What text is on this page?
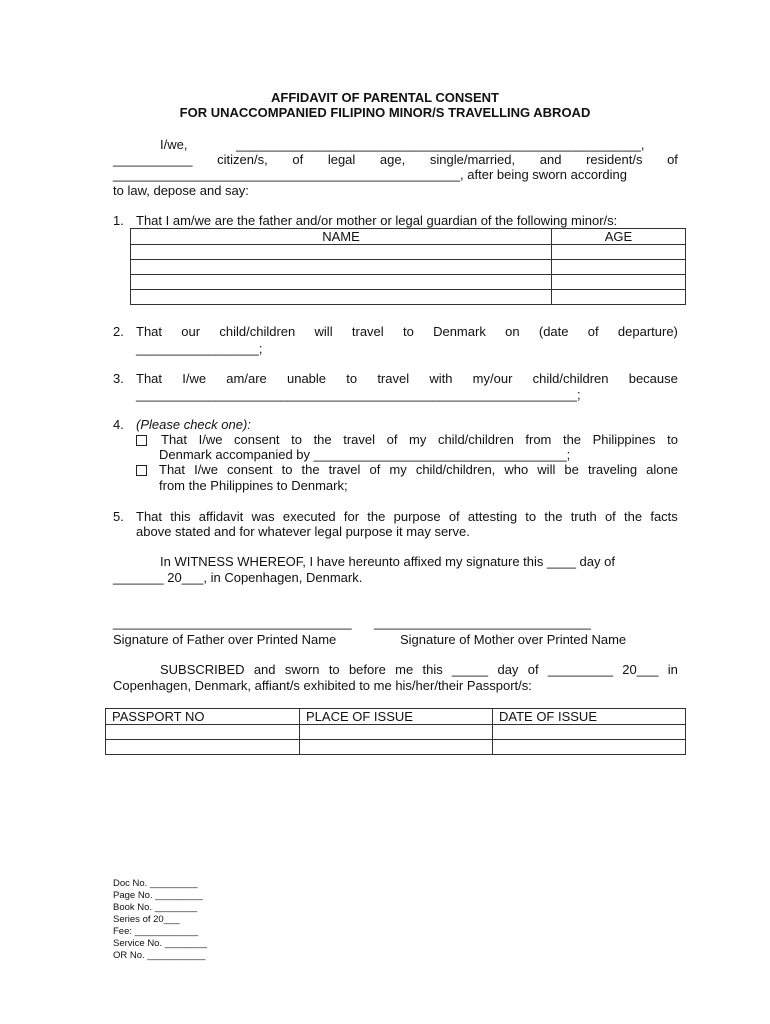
AFFIDAVIT OF PARENTAL CONSENT
FOR UNACCOMPANIED FILIPINO MINOR/S TRAVELLING ABROAD
I/we,	________________________________________________________,
___________ citizen/s, of legal age, single/married, and resident/s of
________________________________________________, after being sworn according
to law, depose and say:
1. That I am/we are the father and/or mother or legal guardian of the following minor/s:
NAME	AGE

2. That our child/children will travel to Denmark on (date of departure)
_________________;
3. That I/we am/are unable to travel with my/our child/children because
_____________________________________________________________;
4. (Please check one):
That I/we consent to the travel of my child/children from the Philippines to
Denmark accompanied by ___________________________________;
That I/we consent to the travel of my child/children, who will be traveling alone
from the Philippines to Denmark;
5. That this affidavit was executed for the purpose of attesting to the truth of the facts
above stated and for whatever legal purpose it may serve.
In WITNESS WHEREOF, I have hereunto affixed my signature this ____ day of
_______ 20___, in Copenhagen, Denmark.
_________________________________ ______________________________
Signature of Father over Printed Name	Signature of Mother over Printed Name
SUBSCRIBED and sworn to before me this _____ day of _________ 20___ in
Copenhagen, Denmark, affiant/s exhibited to me his/her/their Passport/s:
PASSPORT NO	PLACE OF ISSUE	DATE OF ISSUE

Doc No. _________
Page No. _________
Book No. ________
Series of 20___
Fee: ____________
Service No. ________
OR No. ___________
